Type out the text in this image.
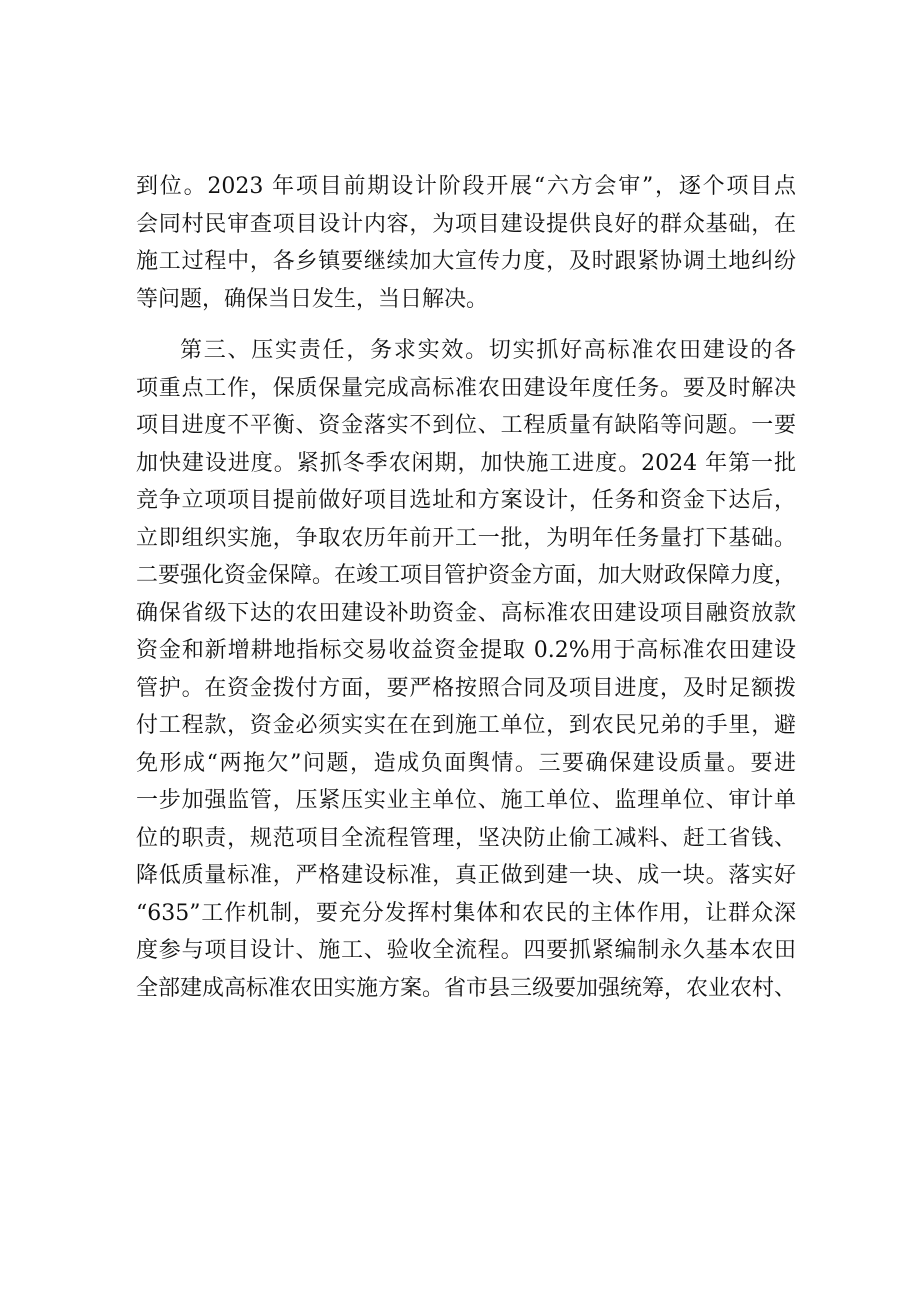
到位。2023 年项目前期设计阶段开展“六方会审”，逐个项目点
会同村民审查项目设计内容，为项目建设提供良好的群众基础，在
施工过程中，各乡镇要继续加大宣传力度，及时跟紧协调土地纠纷
等问题，确保当日发生，当日解决。
第三、压实责任，务求实效。切实抓好高标准农田建设的各
项重点工作，保质保量完成高标准农田建设年度任务。要及时解决
项目进度不平衡、资金落实不到位、工程质量有缺陷等问题。一要
加快建设进度。紧抓冬季农闲期，加快施工进度。2024 年第一批
竞争立项项目提前做好项目选址和方案设计，任务和资金下达后，
立即组织实施，争取农历年前开工一批，为明年任务量打下基础。
二要强化资金保障。在竣工项目管护资金方面，加大财政保障力度，
确保省级下达的农田建设补助资金、高标准农田建设项目融资放款
资金和新增耕地指标交易收益资金提取 0.2%用于高标准农田建设
管护。在资金拨付方面，要严格按照合同及项目进度，及时足额拨
付工程款，资金必须实实在在到施工单位，到农民兄弟的手里，避
免形成“两拖欠”问题，造成负面舆情。三要确保建设质量。要进
一步加强监管，压紧压实业主单位、施工单位、监理单位、审计单
位的职责，规范项目全流程管理，坚决防止偷工减料、赶工省钱、
降低质量标准，严格建设标准，真正做到建一块、成一块。落实好
“635”工作机制，要充分发挥村集体和农民的主体作用，让群众深
度参与项目设计、施工、验收全流程。四要抓紧编制永久基本农田
全部建成高标准农田实施方案。省市县三级要加强统筹，农业农村、
